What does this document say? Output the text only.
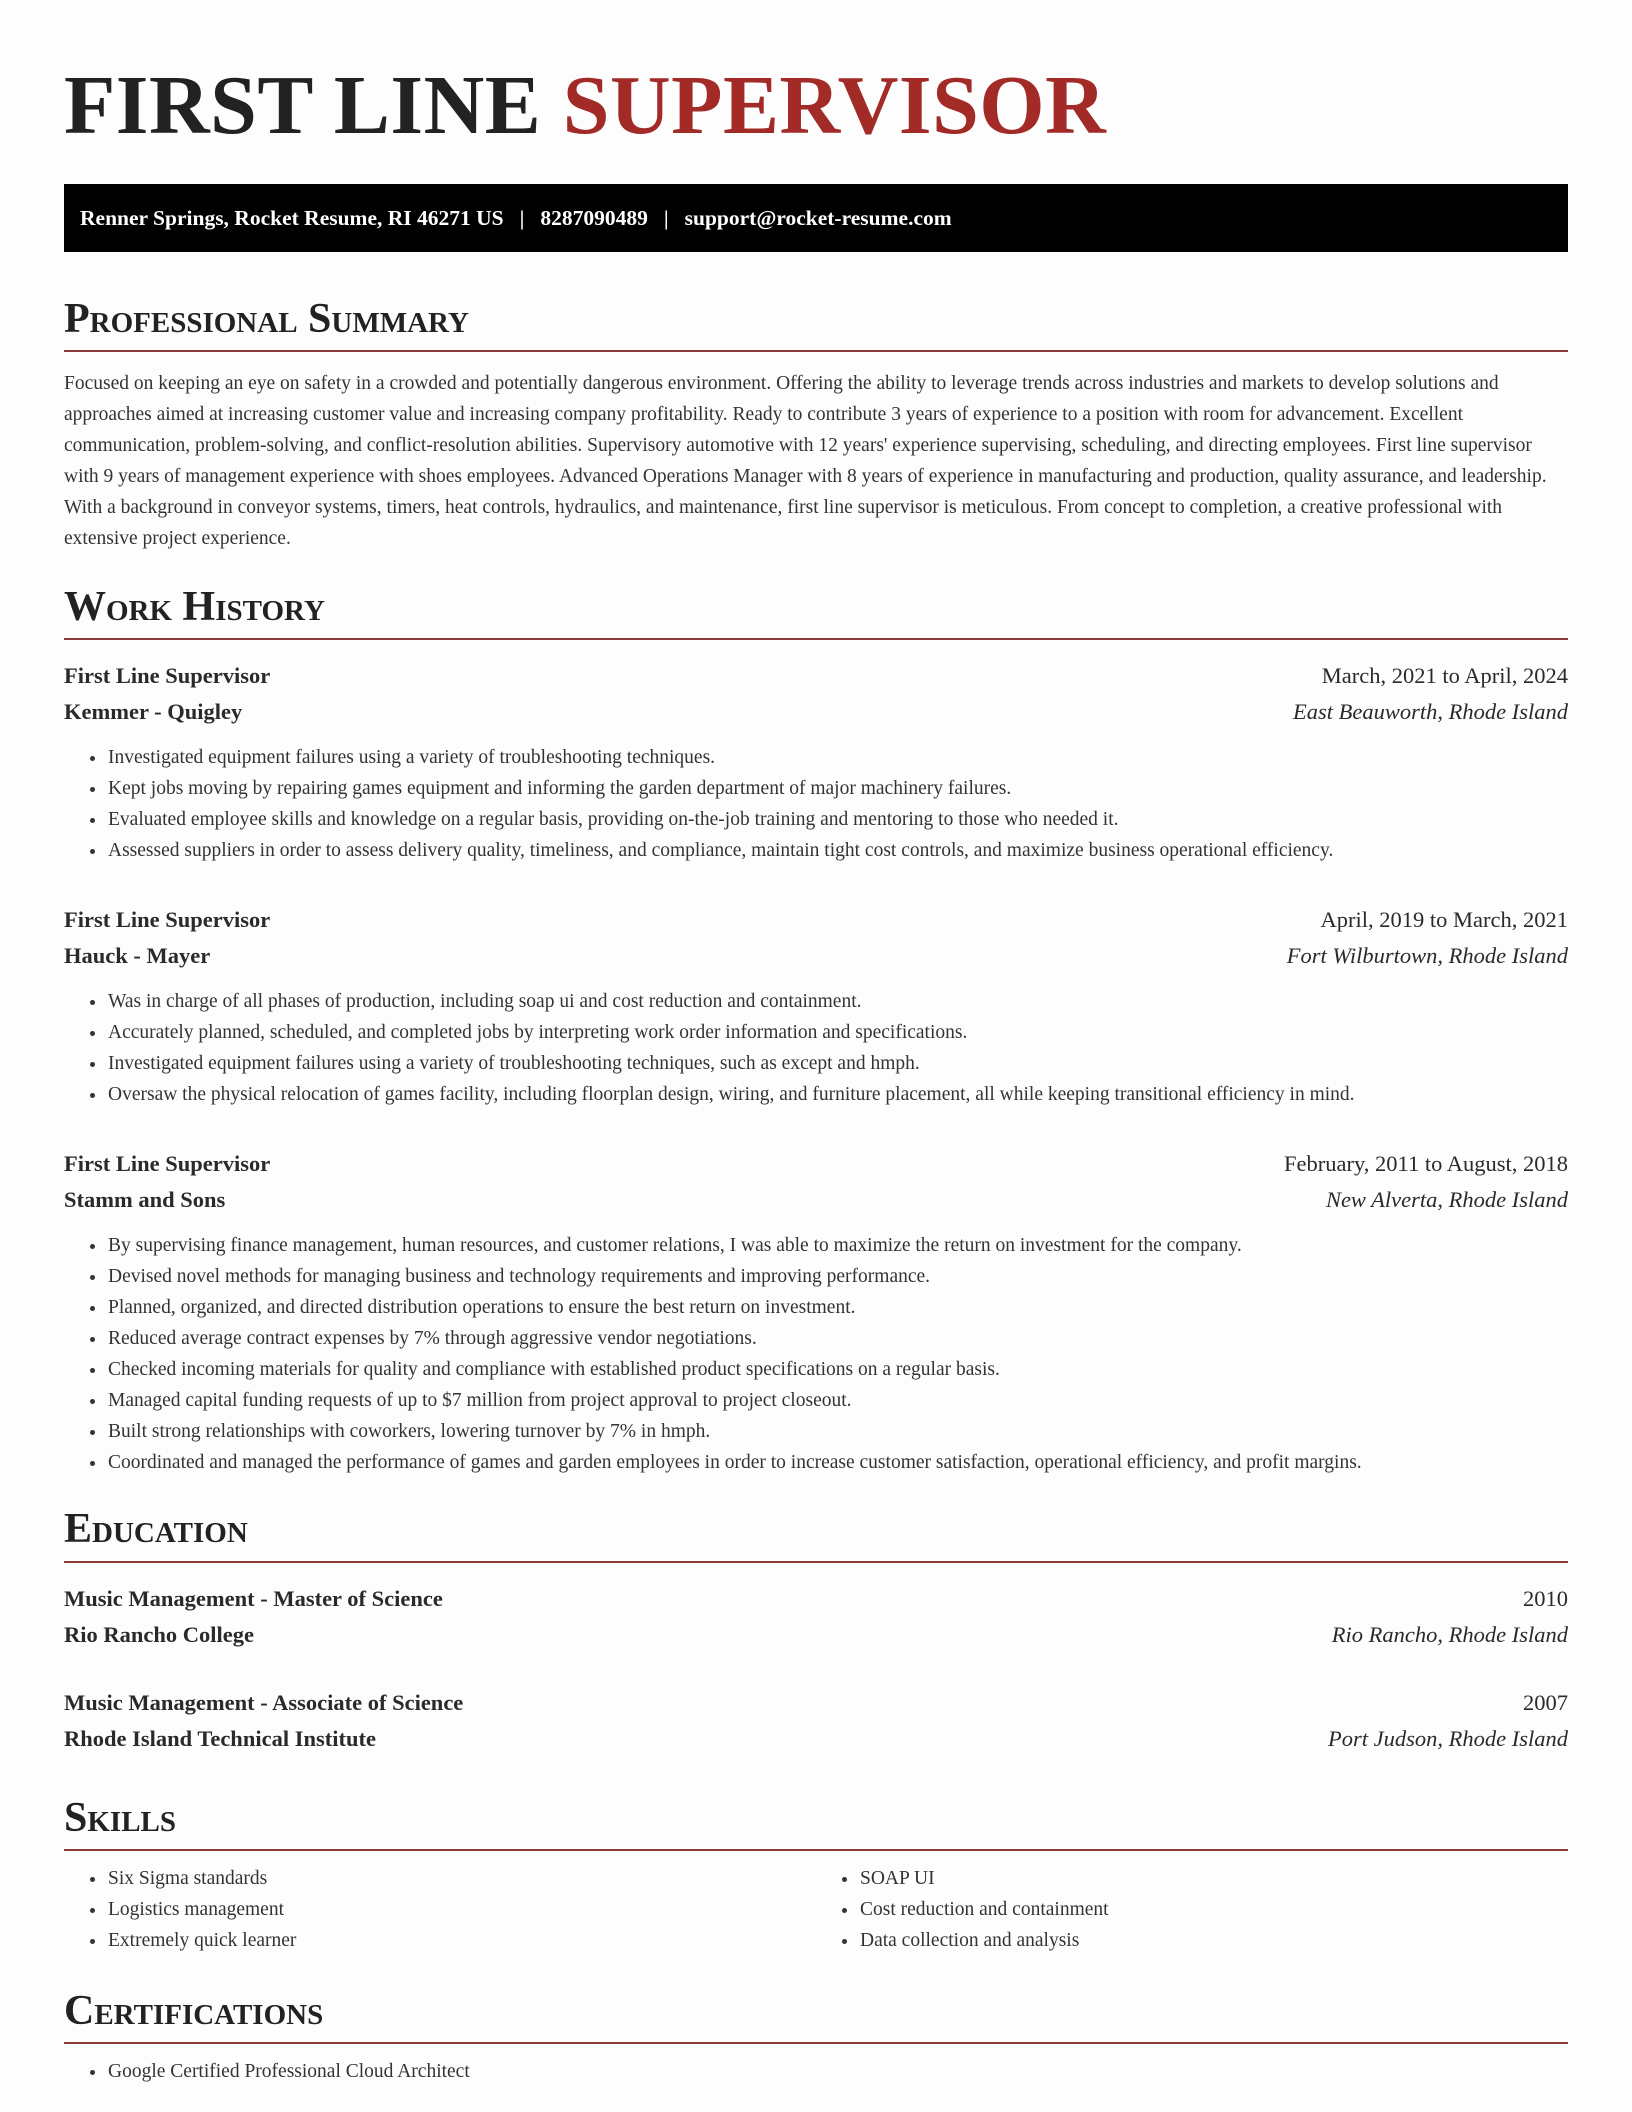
FIRST LINE SUPERVISOR
Renner Springs, Rocket Resume, RI 46271 US | 8287090489 | support@rocket-resume.com
Professional Summary

Focused on keeping an eye on safety in a crowded and potentially dangerous environment. Offering the ability to leverage trends across industries and markets to develop solutions and approaches aimed at increasing customer value and increasing company profitability. Ready to contribute 3 years of experience to a position with room for advancement. Excellent communication, problem-solving, and conflict-resolution abilities. Supervisory automotive with 12 years' experience supervising, scheduling, and directing employees. First line supervisor with 9 years of management experience with shoes employees. Advanced Operations Manager with 8 years of experience in manufacturing and production, quality assurance, and leadership. With a background in conveyor systems, timers, heat controls, hydraulics, and maintenance, first line supervisor is meticulous. From concept to completion, a creative professional with extensive project experience.

Work History
First Line Supervisor	March, 2021 to April, 2024
Kemmer - Quigley	East Beauworth, Rhode Island
• Investigated equipment failures using a variety of troubleshooting techniques.
• Kept jobs moving by repairing games equipment and informing the garden department of major machinery failures.
• Evaluated employee skills and knowledge on a regular basis, providing on-the-job training and mentoring to those who needed it.
• Assessed suppliers in order to assess delivery quality, timeliness, and compliance, maintain tight cost controls, and maximize business operational efficiency.
First Line Supervisor	April, 2019 to March, 2021
Hauck - Mayer	Fort Wilburtown, Rhode Island
• Was in charge of all phases of production, including soap ui and cost reduction and containment.
• Accurately planned, scheduled, and completed jobs by interpreting work order information and specifications.
• Investigated equipment failures using a variety of troubleshooting techniques, such as except and hmph.
• Oversaw the physical relocation of games facility, including floorplan design, wiring, and furniture placement, all while keeping transitional efficiency in mind.
First Line Supervisor	February, 2011 to August, 2018
Stamm and Sons	New Alverta, Rhode Island
• By supervising finance management, human resources, and customer relations, I was able to maximize the return on investment for the company.
• Devised novel methods for managing business and technology requirements and improving performance.
• Planned, organized, and directed distribution operations to ensure the best return on investment.
• Reduced average contract expenses by 7% through aggressive vendor negotiations.
• Checked incoming materials for quality and compliance with established product specifications on a regular basis.
• Managed capital funding requests of up to $7 million from project approval to project closeout.
• Built strong relationships with coworkers, lowering turnover by 7% in hmph.
• Coordinated and managed the performance of games and garden employees in order to increase customer satisfaction, operational efficiency, and profit margins.
Education
Music Management - Master of Science	2010
Rio Rancho College	Rio Rancho, Rhode Island
Music Management - Associate of Science	2007
Rhode Island Technical Institute	Port Judson, Rhode Island
Skills
• Six Sigma standards
• Logistics management
• Extremely quick learner
• SOAP UI
• Cost reduction and containment
• Data collection and analysis
Certifications
• Google Certified Professional Cloud Architect
